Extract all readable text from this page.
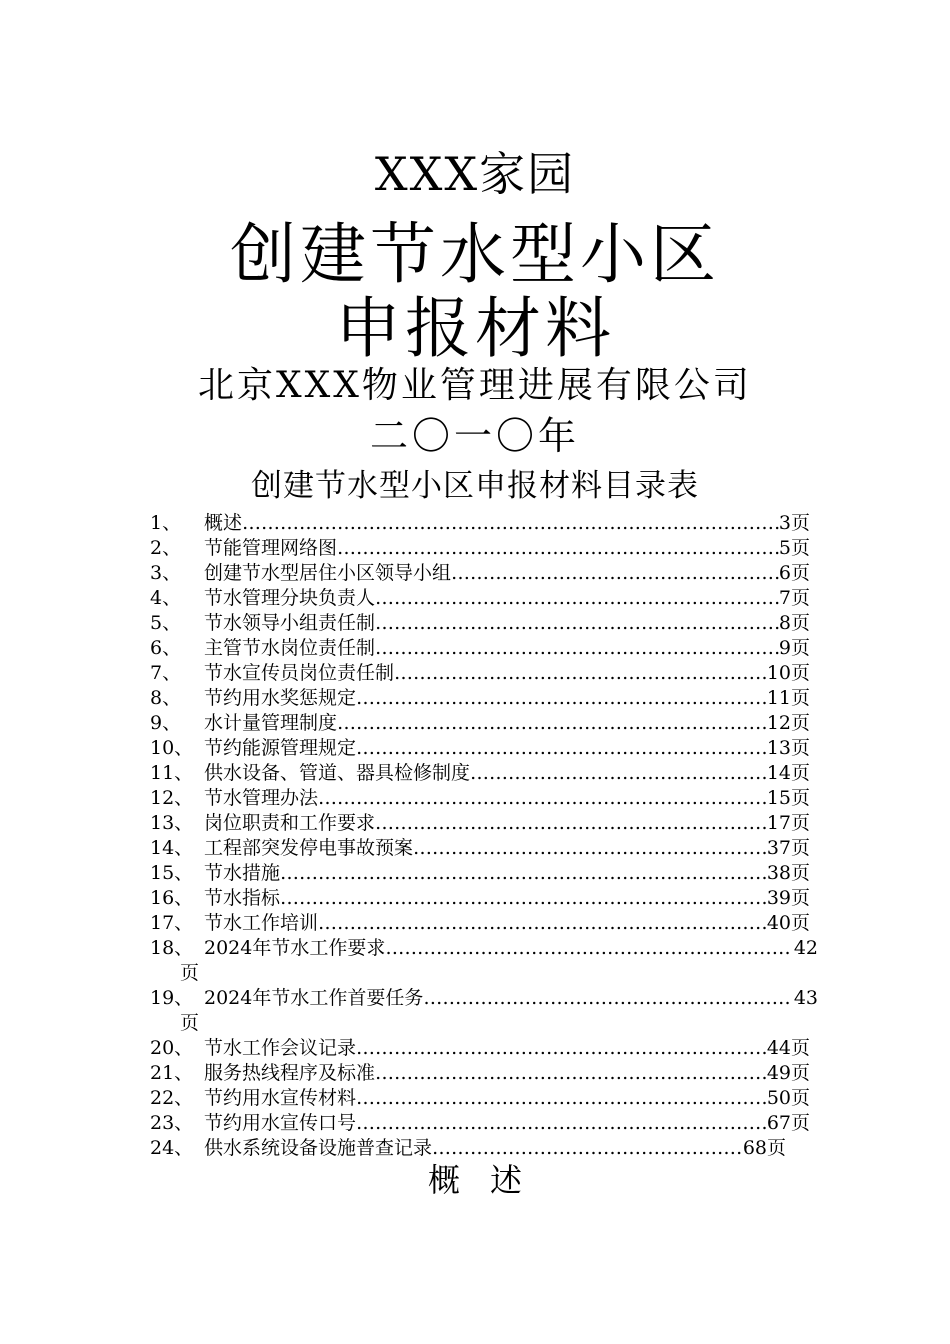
XXX家园
创建节水型小区
申报材料
北京XXX物业管理进展有限公司
二〇一〇年
创建节水型小区申报材料目录表
1、 概述 ……………………………………………………………………………………………………………………………………………………	3页
2、 节能管理网络图 ……………………………………………………………………………………………………………………………………………………	5页
3、 创建节水型居住小区领导小组 ……………………………………………………………………………………………………………………………………………………	6页
4、 节水管理分块负责人 ……………………………………………………………………………………………………………………………………………………	7页
5、 节水领导小组责任制 ……………………………………………………………………………………………………………………………………………………	8页
6、 主管节水岗位责任制 ……………………………………………………………………………………………………………………………………………………	9页
7、 节水宣传员岗位责任制 ……………………………………………………………………………………………………………………………………………………	10页
8、 节约用水奖惩规定 ……………………………………………………………………………………………………………………………………………………	11页
9、 水计量管理制度 ……………………………………………………………………………………………………………………………………………………	12页
10、 节约能源管理规定 ……………………………………………………………………………………………………………………………………………………	13页
11、 供水设备、管道、器具检修制度 ……………………………………………………………………………………………………………………………………………………	14页
12、 节水管理办法 ……………………………………………………………………………………………………………………………………………………	15页
13、 岗位职责和工作要求 ……………………………………………………………………………………………………………………………………………………	17页
14、 工程部突发停电事故预案 ……………………………………………………………………………………………………………………………………………………	37页
15、 节水措施 ……………………………………………………………………………………………………………………………………………………	38页
16、 节水指标 ……………………………………………………………………………………………………………………………………………………	39页
17、 节水工作培训 ……………………………………………………………………………………………………………………………………………………	40页
18、 2024年节水工作要求 ……………………………………………………………………………………………………………………………………………………	42
页
19、 2024年节水工作首要任务 ……………………………………………………………………………………………………………………………………………………	43
页
20、 节水工作会议记录 ……………………………………………………………………………………………………………………………………………………	44页
21、 服务热线程序及标准 ……………………………………………………………………………………………………………………………………………………	49页
22、 节约用水宣传材料 ……………………………………………………………………………………………………………………………………………………	50页
23、 节约用水宣传口号 ……………………………………………………………………………………………………………………………………………………	67页
24、 供水系统设备设施普查记录 ……………………………………………………………………………………………………………………………………………………	68页
概述
